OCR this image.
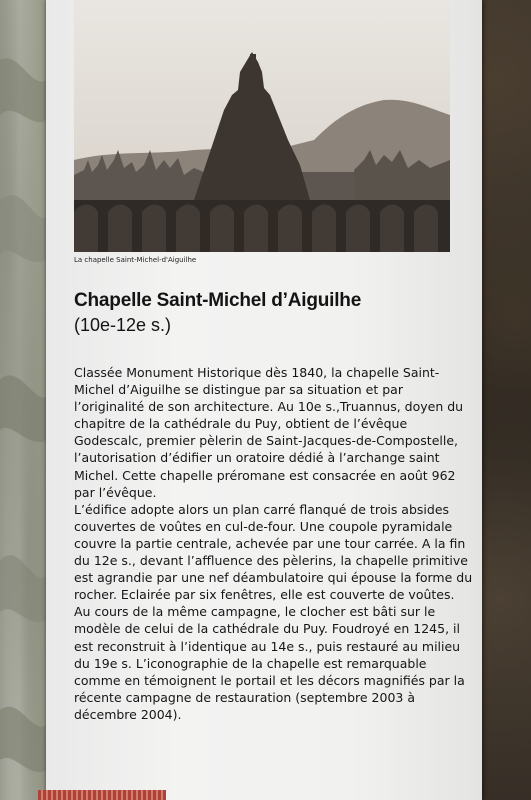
La chapelle Saint-Michel-d'Aiguilhe
Chapelle Saint-Michel d’Aiguilhe
(10e-12e s.)

Classée Monument Historique dès 1840, la chapelle Saint-Michel d’Aiguilhe se distingue par sa situation et par l’originalité de son architecture. Au 10e s.,Truannus, doyen du chapitre de la cathédrale du Puy, obtient de l’évêque Godescalc, premier pèlerin de Saint-Jacques-de-Compostelle, l’autorisation d’édifier un oratoire dédié à l’archange saint Michel. Cette chapelle préromane est consacrée en août 962 par l’évêque.

L’édifice adopte alors un plan carré flanqué de trois absides couvertes de voûtes en cul-de-four. Une coupole pyramidale couvre la partie centrale, achevée par une tour carrée. A la fin du 12e s., devant l’affluence des pèlerins, la chapelle primitive est agrandie par une nef déambulatoire qui épouse la forme du rocher. Eclairée par six fenêtres, elle est couverte de voûtes. Au cours de la même campagne, le clocher est bâti sur le modèle de celui de la cathédrale du Puy. Foudroyé en 1245, il est reconstruit à l’identique au 14e s., puis restauré au milieu du 19e s. L’iconographie de la chapelle est remarquable comme en témoignent le portail et les décors magnifiés par la récente campagne de restauration (septembre 2003 à décembre 2004).
